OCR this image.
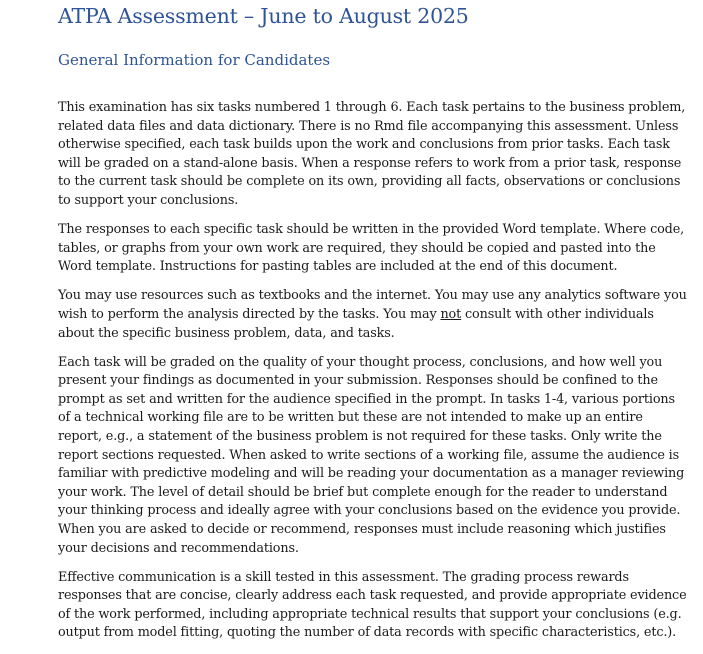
ATPA Assessment – June to August 2025
General Information for Candidates

This examination has six tasks numbered 1 through 6. Each task pertains to the business problem, related data files and data dictionary. There is no Rmd file accompanying this assessment. Unless otherwise specified, each task builds upon the work and conclusions from prior tasks. Each task will be graded on a stand-alone basis. When a response refers to work from a prior task, response to the current task should be complete on its own, providing all facts, observations or conclusions to support your conclusions.

The responses to each specific task should be written in the provided Word template. Where code, tables, or graphs from your own work are required, they should be copied and pasted into the Word template. Instructions for pasting tables are included at the end of this document.

You may use resources such as textbooks and the internet. You may use any analytics software you wish to perform the analysis directed by the tasks. You may not consult with other individuals about the specific business problem, data, and tasks.

Each task will be graded on the quality of your thought process, conclusions, and how well you present your findings as documented in your submission. Responses should be confined to the prompt as set and written for the audience specified in the prompt. In tasks 1-4, various portions of a technical working file are to be written but these are not intended to make up an entire report, e.g., a statement of the business problem is not required for these tasks. Only write the report sections requested. When asked to write sections of a working file, assume the audience is familiar with predictive modeling and will be reading your documentation as a manager reviewing your work. The level of detail should be brief but complete enough for the reader to understand your thinking process and ideally agree with your conclusions based on the evidence you provide. When you are asked to decide or recommend, responses must include reasoning which justifies your decisions and recommendations.

Effective communication is a skill tested in this assessment. The grading process rewards responses that are concise, clearly address each task requested, and provide appropriate evidence of the work performed, including appropriate technical results that support your conclusions (e.g. output from model fitting, quoting the number of data records with specific characteristics, etc.).
